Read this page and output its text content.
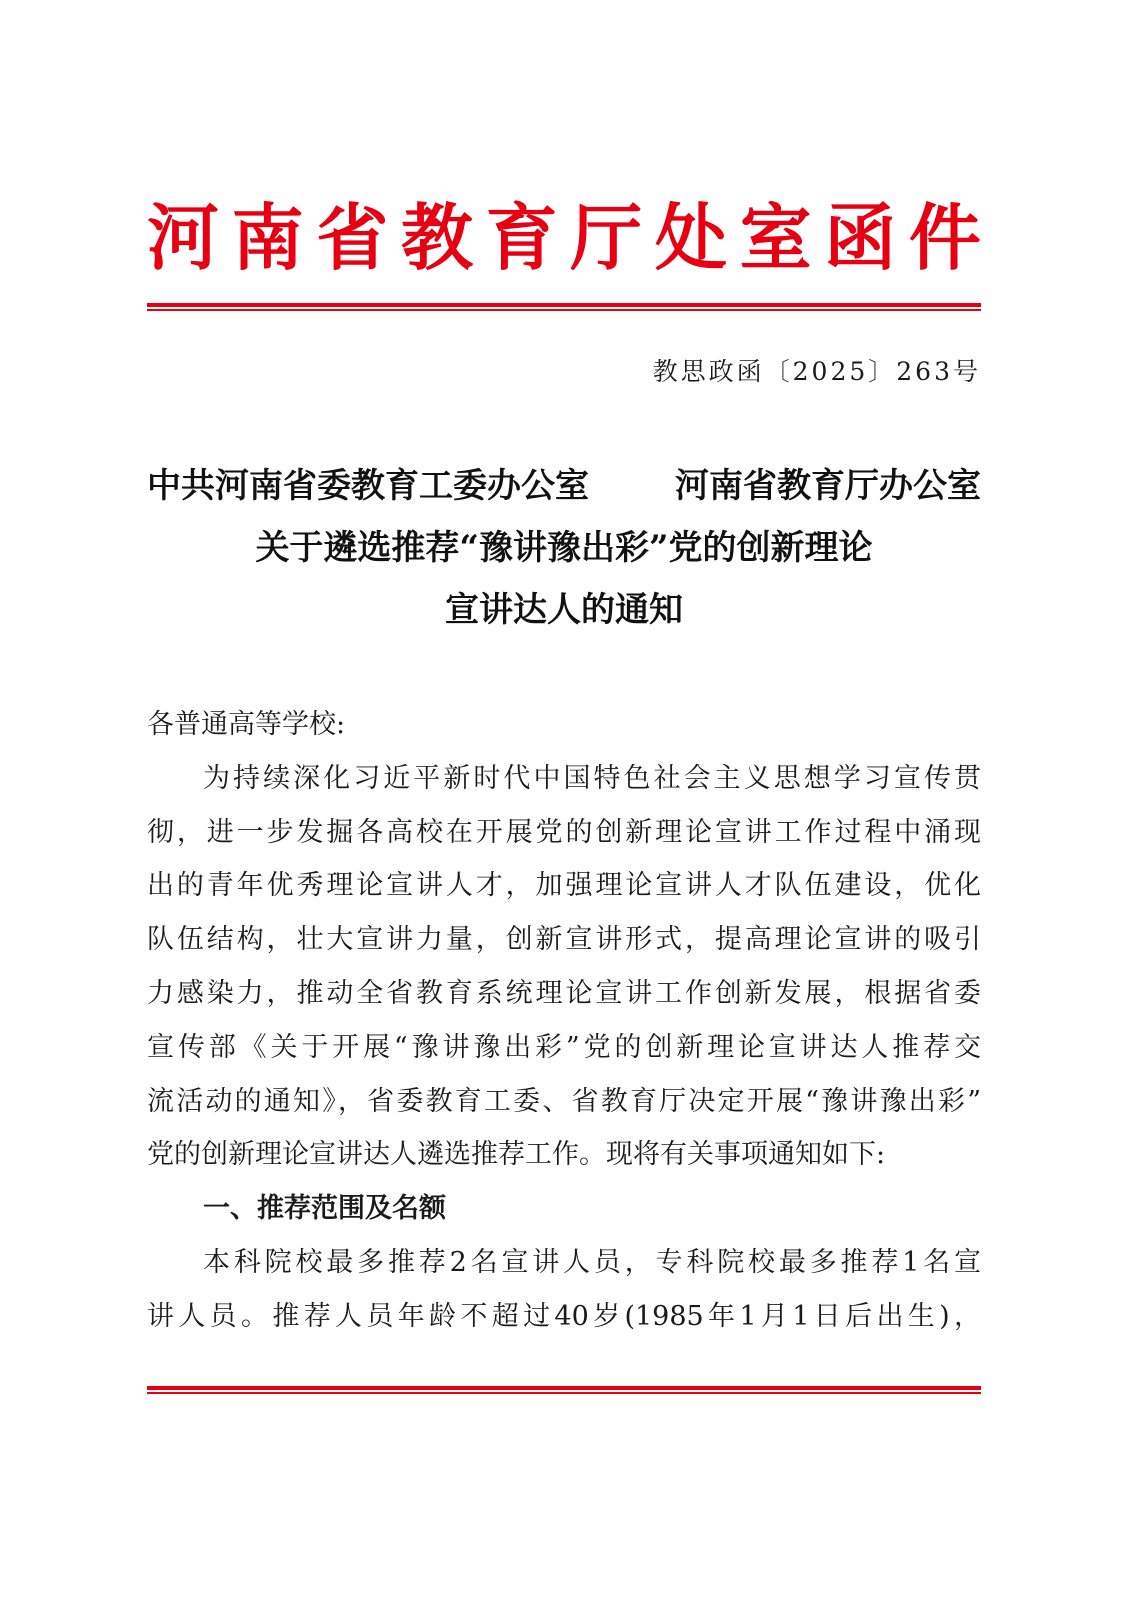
河 南 省 教 育 厅 处 室 函 件
教思政函〔2025〕263号
中共河南省委教育工委办公室	河南省教育厅办公室
关于遴选推荐“豫讲豫出彩”党的创新理论
宣讲达人的通知
各普通高等学校:
为持续深化习近平新时代中国特色社会主义思想学习宣传贯
彻，进一步发掘各高校在开展党的创新理论宣讲工作过程中涌现
出的青年优秀理论宣讲人才，加强理论宣讲人才队伍建设，优化
队伍结构，壮大宣讲力量，创新宣讲形式，提高理论宣讲的吸引
力感染力，推动全省教育系统理论宣讲工作创新发展，根据省委
宣传部《关于开展“豫讲豫出彩”党的创新理论宣讲达人推荐交
流活动的通知》，省委教育工委、省教育厅决定开展“豫讲豫出彩”
党的创新理论宣讲达人遴选推荐工作。现将有关事项通知如下:
一、推荐范围及名额
本科院校最多推荐2名宣讲人员，专科院校最多推荐1名宣
讲人员。推荐人员年龄不超过40岁(1985年1月1日后出生)，
